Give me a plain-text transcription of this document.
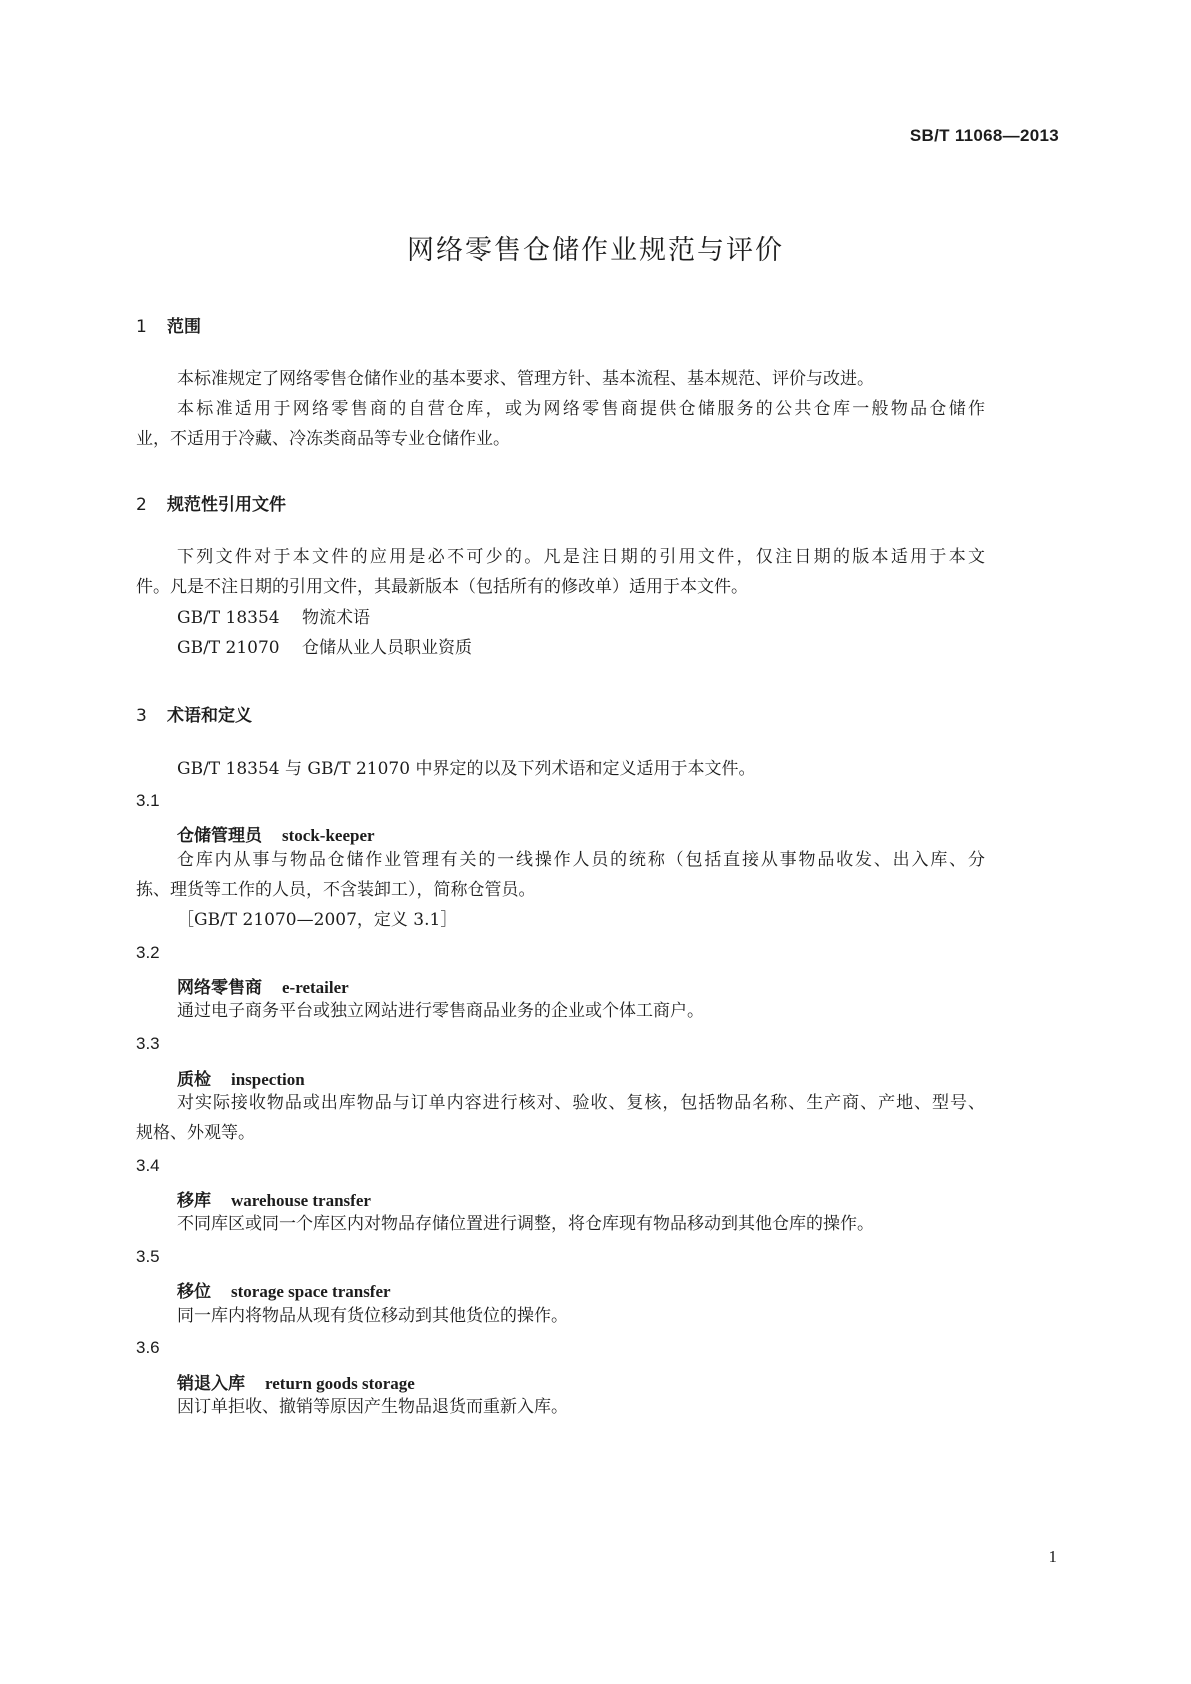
SB/T 11068—2013
网络零售仓储作业规范与评价
1 范围
本标准规定了网络零售仓储作业的基本要求、管理方针、基本流程、基本规范、评价与改进。
本标准适用于网络零售商的自营仓库，或为网络零售商提供仓储服务的公共仓库一般物品仓储作
业，不适用于冷藏、冷冻类商品等专业仓储作业。
2 规范性引用文件
下列文件对于本文件的应用是必不可少的。凡是注日期的引用文件，仅注日期的版本适用于本文
件。凡是不注日期的引用文件，其最新版本（包括所有的修改单）适用于本文件。
GB/T 18354 物流术语
GB/T 21070 仓储从业人员职业资质
3 术语和定义
GB/T 18354 与 GB/T 21070 中界定的以及下列术语和定义适用于本文件。
3.1
仓储管理员 stock-keeper
仓库内从事与物品仓储作业管理有关的一线操作人员的统称（包括直接从事物品收发、出入库、分
拣、理货等工作的人员，不含装卸工），简称仓管员。
［GB/T 21070—2007，定义 3.1］
3.2
网络零售商 e-retailer
通过电子商务平台或独立网站进行零售商品业务的企业或个体工商户。
3.3
质检 inspection
对实际接收物品或出库物品与订单内容进行核对、验收、复核，包括物品名称、生产商、产地、型号、
规格、外观等。
3.4
移库 warehouse transfer
不同库区或同一个库区内对物品存储位置进行调整，将仓库现有物品移动到其他仓库的操作。
3.5
移位 storage space transfer
同一库内将物品从现有货位移动到其他货位的操作。
3.6
销退入库 return goods storage
因订单拒收、撤销等原因产生物品退货而重新入库。
1
